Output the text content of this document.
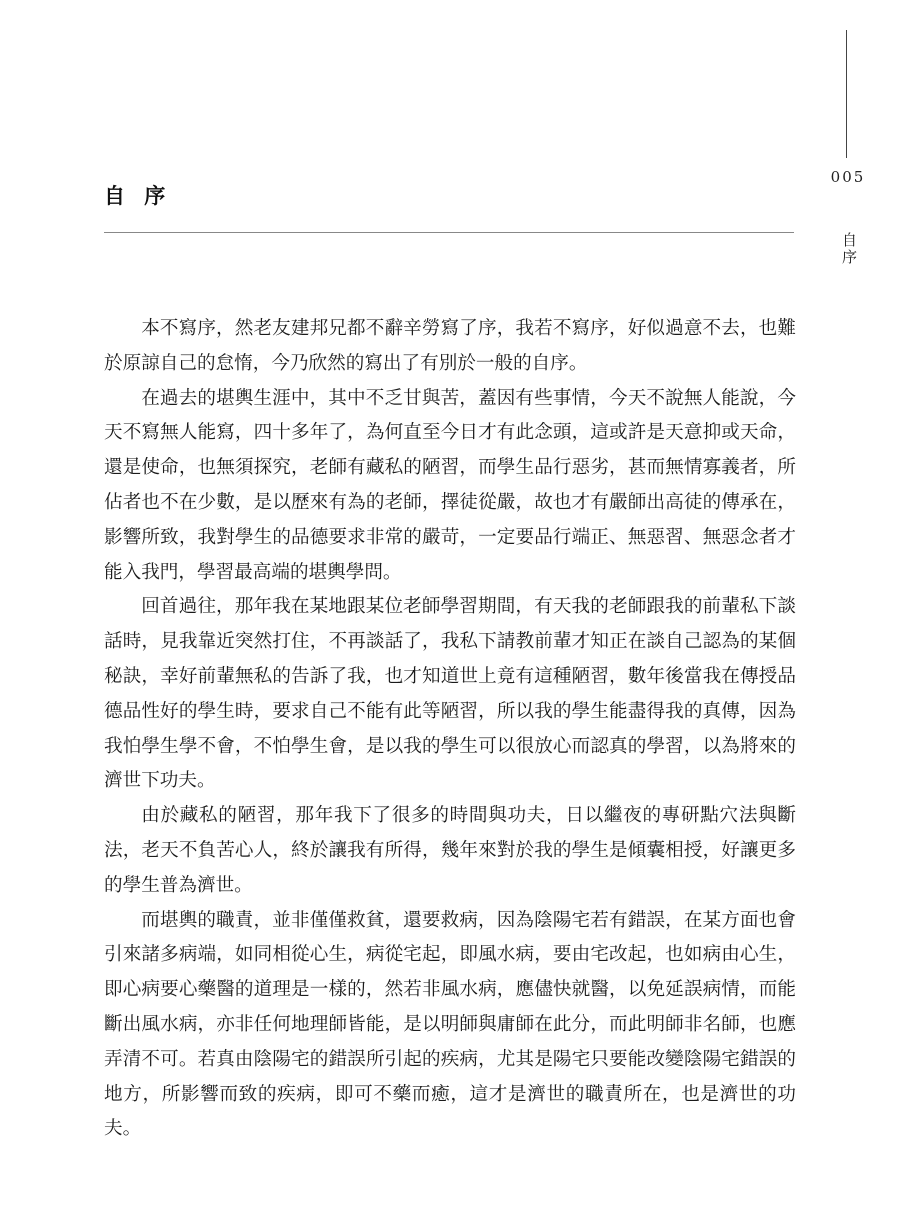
005
自序
自 序

本不寫序，然老友建邦兄都不辭辛勞寫了序，我若不寫序，好似過意不去，也難於原諒自己的怠惰，今乃欣然的寫出了有別於一般的自序。

在過去的堪輿生涯中，其中不乏甘與苦，蓋因有些事情，今天不說無人能說，今天不寫無人能寫，四十多年了，為何直至今日才有此念頭，這或許是天意抑或天命，還是使命，也無須探究，老師有藏私的陋習，而學生品行惡劣，甚而無情寡義者，所佔者也不在少數，是以歷來有為的老師，擇徒從嚴，故也才有嚴師出高徒的傳承在，影響所致，我對學生的品德要求非常的嚴苛，一定要品行端正、無惡習、無惡念者才能入我門，學習最高端的堪輿學問。

回首過往，那年我在某地跟某位老師學習期間，有天我的老師跟我的前輩私下談話時，見我靠近突然打住，不再談話了，我私下請教前輩才知正在談自己認為的某個秘訣，幸好前輩無私的告訴了我，也才知道世上竟有這種陋習，數年後當我在傳授品德品性好的學生時，要求自己不能有此等陋習，所以我的學生能盡得我的真傳，因為我怕學生學不會，不怕學生會，是以我的學生可以很放心而認真的學習，以為將來的濟世下功夫。

由於藏私的陋習，那年我下了很多的時間與功夫，日以繼夜的專研點穴法與斷法，老天不負苦心人，終於讓我有所得，幾年來對於我的學生是傾囊相授，好讓更多的學生普為濟世。

而堪輿的職責，並非僅僅救貧，還要救病，因為陰陽宅若有錯誤，在某方面也會引來諸多病端，如同相從心生，病從宅起，即風水病，要由宅改起，也如病由心生，即心病要心藥醫的道理是一樣的，然若非風水病，應儘快就醫，以免延誤病情，而能斷出風水病，亦非任何地理師皆能，是以明師與庸師在此分，而此明師非名師，也應弄清不可。若真由陰陽宅的錯誤所引起的疾病，尤其是陽宅只要能改變陰陽宅錯誤的地方，所影響而致的疾病，即可不藥而癒，這才是濟世的職責所在，也是濟世的功夫。
